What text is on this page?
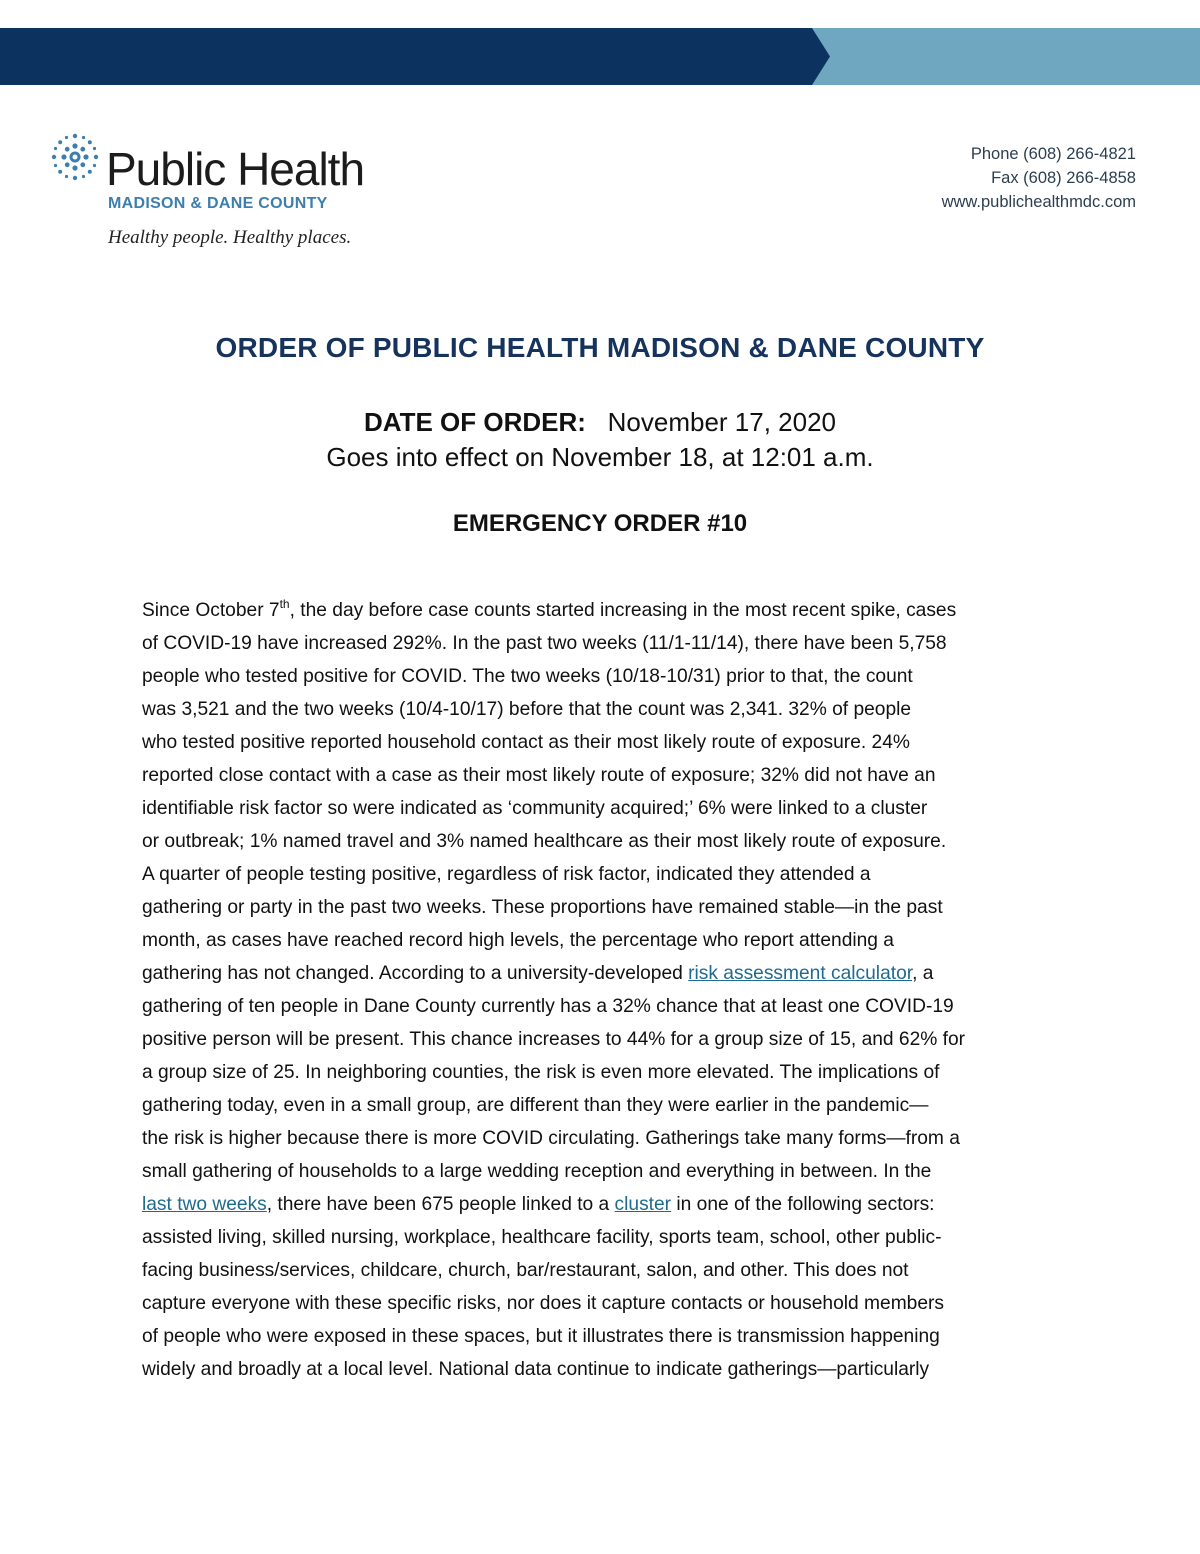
Public Health
MADISON & DANE COUNTY
Healthy people. Healthy places.
Phone (608) 266-4821
Fax (608) 266-4858
www.publichealthmdc.com
ORDER OF PUBLIC HEALTH MADISON & DANE COUNTY
DATE OF ORDER: November 17, 2020
Goes into effect on November 18, at 12:01 a.m.
EMERGENCY ORDER #10
Since October 7th, the day before case counts started increasing in the most recent spike, cases
of COVID-19 have increased 292%. In the past two weeks (11/1-11/14), there have been 5,758
people who tested positive for COVID. The two weeks (10/18-10/31) prior to that, the count
was 3,521 and the two weeks (10/4-10/17) before that the count was 2,341. 32% of people
who tested positive reported household contact as their most likely route of exposure. 24%
reported close contact with a case as their most likely route of exposure; 32% did not have an
identifiable risk factor so were indicated as ‘community acquired;’ 6% were linked to a cluster
or outbreak; 1% named travel and 3% named healthcare as their most likely route of exposure.
A quarter of people testing positive, regardless of risk factor, indicated they attended a
gathering or party in the past two weeks. These proportions have remained stable—in the past
month, as cases have reached record high levels, the percentage who report attending a
gathering has not changed. According to a university-developed risk assessment calculator, a
gathering of ten people in Dane County currently has a 32% chance that at least one COVID-19
positive person will be present. This chance increases to 44% for a group size of 15, and 62% for
a group size of 25. In neighboring counties, the risk is even more elevated. The implications of
gathering today, even in a small group, are different than they were earlier in the pandemic—
the risk is higher because there is more COVID circulating. Gatherings take many forms—from a
small gathering of households to a large wedding reception and everything in between. In the
last two weeks, there have been 675 people linked to a cluster in one of the following sectors:
assisted living, skilled nursing, workplace, healthcare facility, sports team, school, other public-
facing business/services, childcare, church, bar/restaurant, salon, and other. This does not
capture everyone with these specific risks, nor does it capture contacts or household members
of people who were exposed in these spaces, but it illustrates there is transmission happening
widely and broadly at a local level. National data continue to indicate gatherings—particularly
